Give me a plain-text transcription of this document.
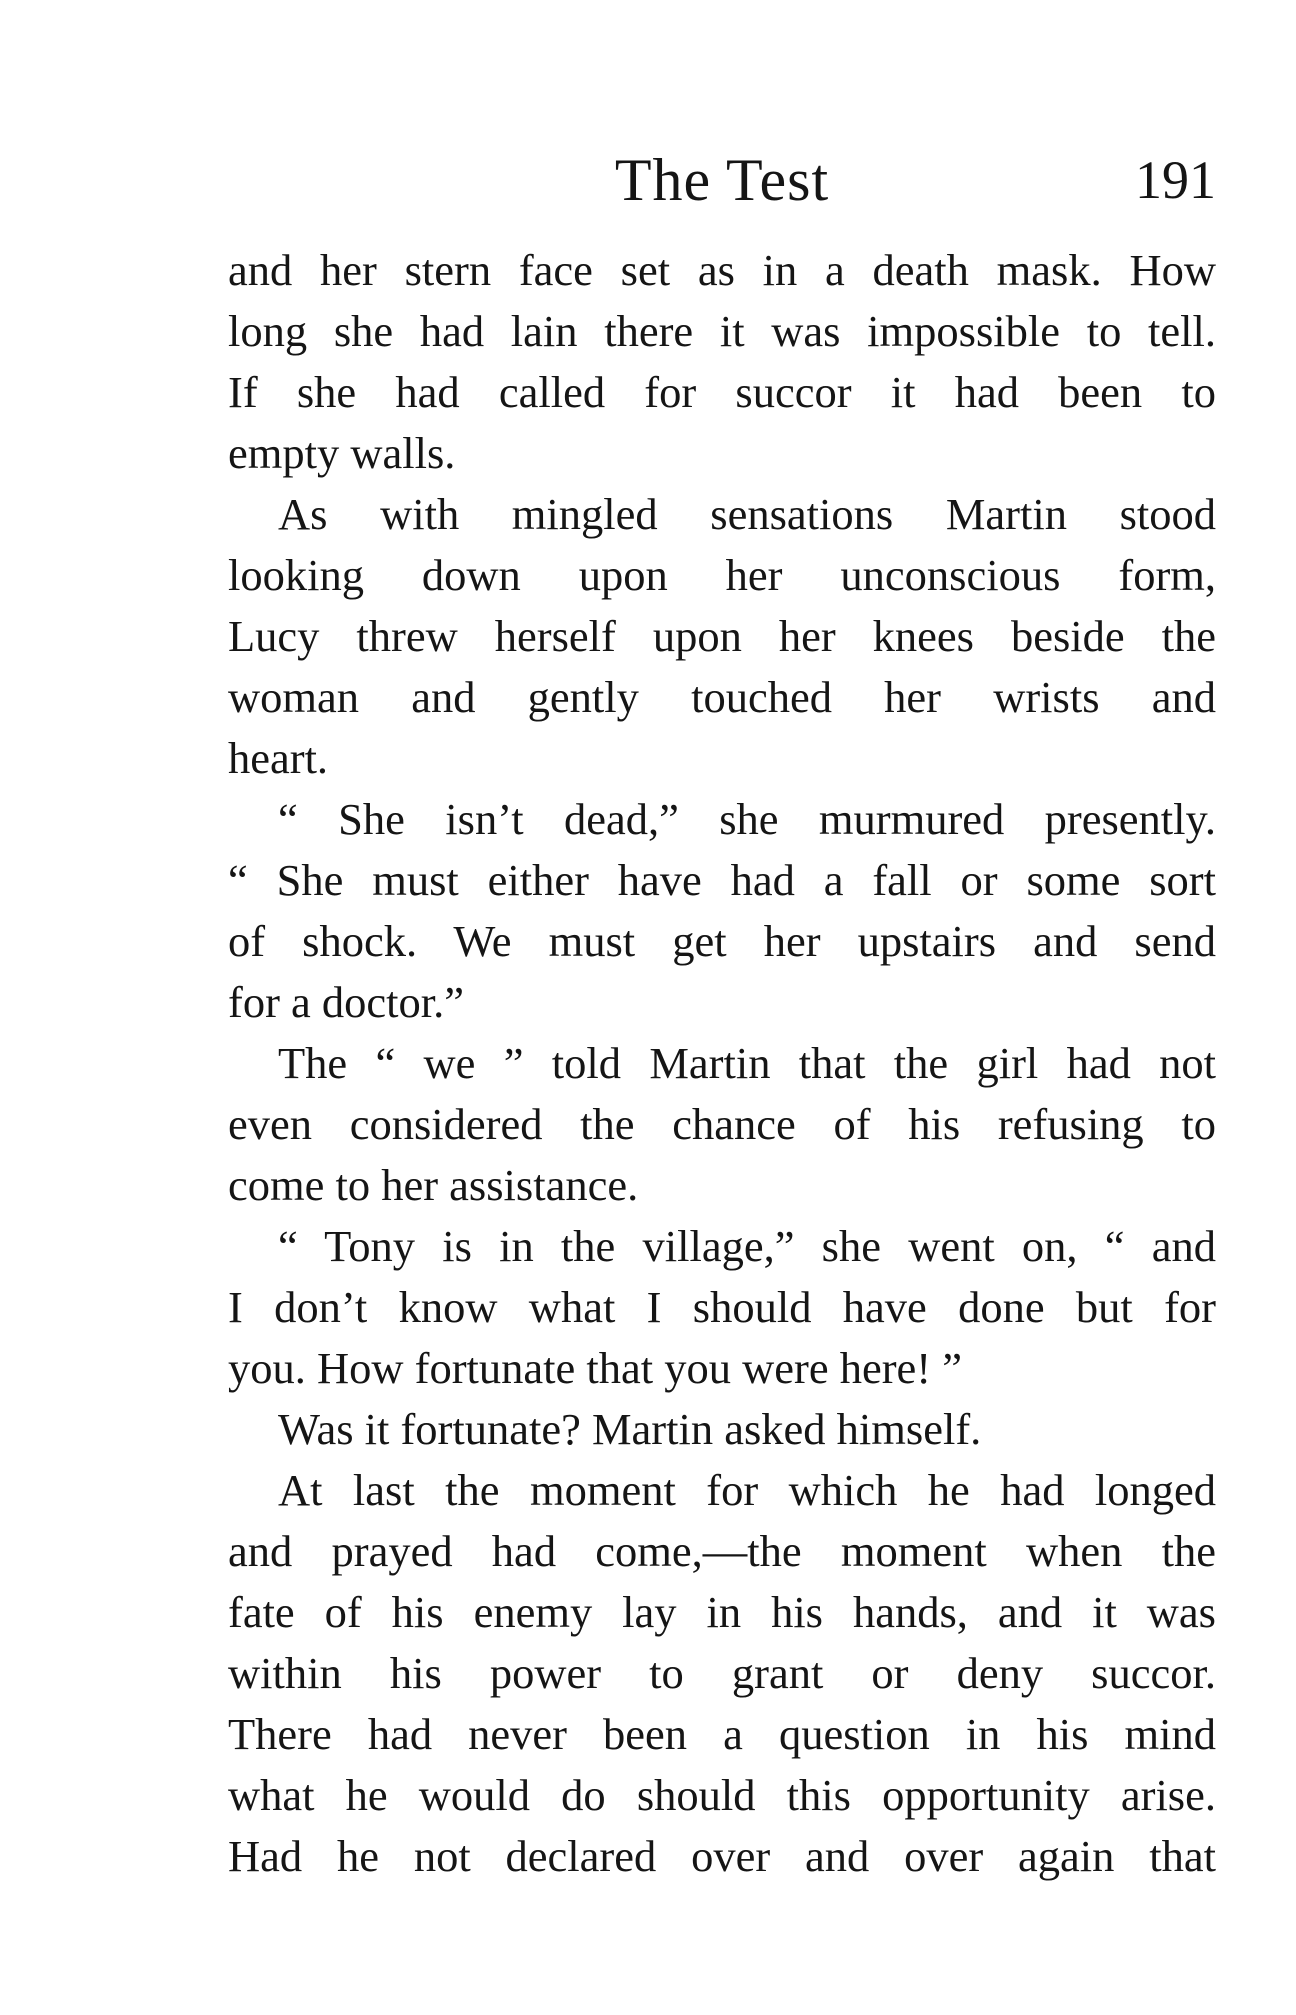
The Test	191
and her stern face set as in a death mask. How
long she had lain there it was impossible to tell.
If she had called for succor it had been to
empty walls.
As with mingled sensations Martin stood
looking down upon her unconscious form,
Lucy threw herself upon her knees beside the
woman and gently touched her wrists and
heart.
“ She isn’t dead,” she murmured presently.
“ She must either have had a fall or some sort
of shock. We must get her upstairs and send
for a doctor.”
The “ we ” told Martin that the girl had not
even considered the chance of his refusing to
come to her assistance.
“ Tony is in the village,” she went on, “ and
I don’t know what I should have done but for
you. How fortunate that you were here! ”
Was it fortunate? Martin asked himself.
At last the moment for which he had longed
and prayed had come,—the moment when the
fate of his enemy lay in his hands, and it was
within his power to grant or deny succor.
There had never been a question in his mind
what he would do should this opportunity arise.
Had he not declared over and over again that
